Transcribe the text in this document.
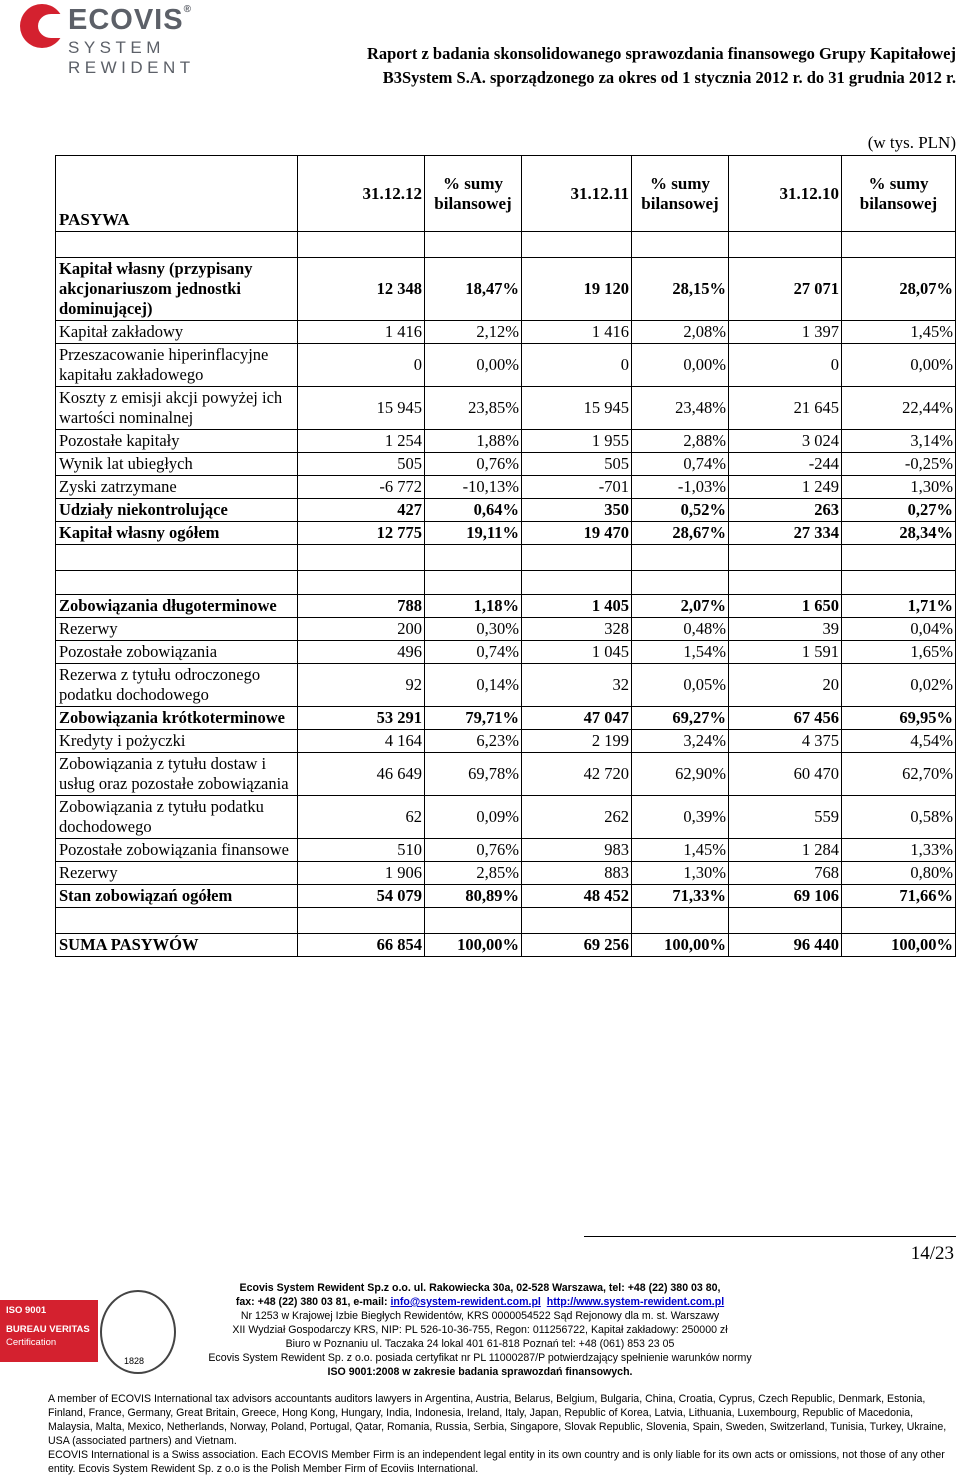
ECOVIS®
SYSTEM REWIDENT
Raport z badania skonsolidowanego sprawozdania finansowego Grupy Kapitałowej
B3System S.A. sporządzonego za okres od 1 stycznia 2012 r. do 31 grudnia 2012 r.
(w tys. PLN)
PASYWA	31.12.12	% sumy bilansowej	31.12.11	% sumy bilansowej	31.12.10	% sumy bilansowej

Kapitał własny (przypisany akcjonariuszom jednostki dominującej)	12 348	18,47%	19 120	28,15%	27 071	28,07%
Kapitał zakładowy	1 416	2,12%	1 416	2,08%	1 397	1,45%
Przeszacowanie hiperinflacyjne kapitału zakładowego	0	0,00%	0	0,00%	0	0,00%
Koszty z emisji akcji powyżej ich wartości nominalnej	15 945	23,85%	15 945	23,48%	21 645	22,44%
Pozostałe kapitały	1 254	1,88%	1 955	2,88%	3 024	3,14%
Wynik lat ubiegłych	505	0,76%	505	0,74%	-244	-0,25%
Zyski zatrzymane	-6 772	-10,13%	-701	-1,03%	1 249	1,30%
Udziały niekontrolujące	427	0,64%	350	0,52%	263	0,27%
Kapitał własny ogółem	12 775	19,11%	19 470	28,67%	27 334	28,34%

Zobowiązania długoterminowe	788	1,18%	1 405	2,07%	1 650	1,71%
Rezerwy	200	0,30%	328	0,48%	39	0,04%
Pozostałe zobowiązania	496	0,74%	1 045	1,54%	1 591	1,65%
Rezerwa z tytułu odroczonego podatku dochodowego	92	0,14%	32	0,05%	20	0,02%
Zobowiązania krótkoterminowe	53 291	79,71%	47 047	69,27%	67 456	69,95%
Kredyty i pożyczki	4 164	6,23%	2 199	3,24%	4 375	4,54%
Zobowiązania z tytułu dostaw i usług oraz pozostałe zobowiązania	46 649	69,78%	42 720	62,90%	60 470	62,70%
Zobowiązania z tytułu podatku dochodowego	62	0,09%	262	0,39%	559	0,58%
Pozostałe zobowiązania finansowe	510	0,76%	983	1,45%	1 284	1,33%
Rezerwy	1 906	2,85%	883	1,30%	768	0,80%
Stan zobowiązań ogółem	54 079	80,89%	48 452	71,33%	69 106	71,66%

SUMA PASYWÓW	66 854	100,00%	69 256	100,00%	96 440	100,00%
14/23
Ecovis System Rewident Sp.z o.o. ul. Rakowiecka 30a, 02-528 Warszawa, tel: +48 (22) 380 03 80,
fax: +48 (22) 380 03 81, e-mail: info@system-rewident.com.pl http://www.system-rewident.com.pl
Nr 1253 w Krajowej Izbie Biegłych Rewidentów, KRS 0000054522 Sąd Rejonowy dla m. st. Warszawy
XII Wydział Gospodarczy KRS, NIP: PL 526-10-36-755, Regon: 011256722, Kapitał zakładowy: 250000 zł
Biuro w Poznaniu ul. Taczaka 24 lokal 401 61-818 Poznań tel: +48 (061) 853 23 05
Ecovis System Rewident Sp. z o.o. posiada certyfikat nr PL 11000287/P potwierdzający spełnienie warunków normy
ISO 9001:2008 w zakresie badania sprawozdań finansowych.
ISO 9001
BUREAU VERITAS
Certification
1828
A member of ECOVIS International tax advisors accountants auditors lawyers in Argentina, Austria, Belarus, Belgium, Bulgaria, China, Croatia, Cyprus, Czech Republic, Denmark, Estonia, Finland, France, Germany, Great Britain, Greece, Hong Kong, Hungary, India, Indonesia, Ireland, Italy, Japan, Republic of Korea, Latvia, Lithuania, Luxembourg, Republic of Macedonia, Malaysia, Malta, Mexico, Netherlands, Norway, Poland, Portugal, Qatar, Romania, Russia, Serbia, Singapore, Slovak Republic, Slovenia, Spain, Sweden, Switzerland, Tunisia, Turkey, Ukraine, USA (associated partners) and Vietnam.
ECOVIS International is a Swiss association. Each ECOVIS Member Firm is an independent legal entity in its own country and is only liable for its own acts or omissions, not those of any other entity. Ecovis System Rewident Sp. z o.o is the Polish Member Firm of Ecoviis International.
